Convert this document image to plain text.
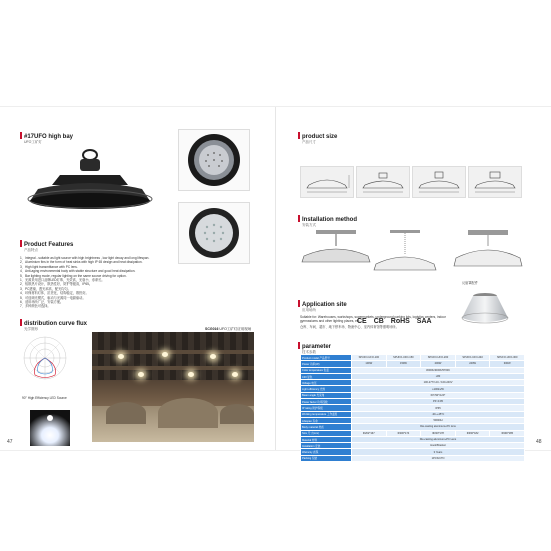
#17UFO high bay
UFO工矿灯
Product Features
产品特点
1、Integral - suitable as light source with high brightness , low light decay and long lifespan.
2、Aluminium fins in the form of heat sinks with high IP 65 design and heat dissipation.
3、High light transmittance with PC lens.
4、Anti-aging environmental body with stable structure and good heat dissipation.
5、Bar lighting mode, regular lighting on the same source driving for option.
1、光源采用进口品牌LED灯珠，光效高，光衰小，寿命长。
2、铝散热片设计，散热性好，防护等级高，IP65。
3、PC透镜，透光率高，配光均匀。
4、环保材料灯体，抗老化，结构稳定，散热好。
5、可选调光模式，驱动与光源同一电源驱动。
6、适用场所广泛，安装方便。
7、多种颜色可选择。
distribution curve flux
光学图形
90° High Efficiency LED Source
SCG016 UFO工矿灯应用现场
47
product size
产品尺寸
Installation method
安装方式
反射罩配件
Application site
应用场所
Suitable for: Warehouses, workshops, supermarkets, underground parking lots, logistics centers, indoor gymnasiums and other lighting places, etc.
仓库、车间、超市、地下停车场、物流中心、室内体育馆等照明场所。
CE CB RoHS SAA
parameter
技术参数
Product model 产品型号	SPUFO-UFO-100	SPUFO-UFO-150	SPUFO-UFO-200	SPUFO-UFO-240	SPUFO-UFO-300
Power 功率(W)	100W	150W	200W	240W	300W
Color temperature 色温	3000K/4000K/5700K				
CRI 显色	≥80				
Voltage 电压	100-277V AC / 100-240V				
Light efficiency 光效	≥100lm/W				
Beam angle 光束角	60°/90°/120°				
Power factor 功率因数	PF>0.95				
IP rating 防护等级	IP65				
Working temperature 工作温度	-30~+45°C				
Lifespan 寿命	50000H				
Body material 材质	Die-casting aluminum+PC lens				
Size 尺寸(mm)	Φ262*167	Φ300*174	Φ330*178	Φ360*182	Φ390*185
Material 材料	Die-casting aluminum+PC Lens				
Installation 安装	Hook/Bracket				
Warranty 质保	3 Years				
Packing 包装	1PCS/CTN				
48
